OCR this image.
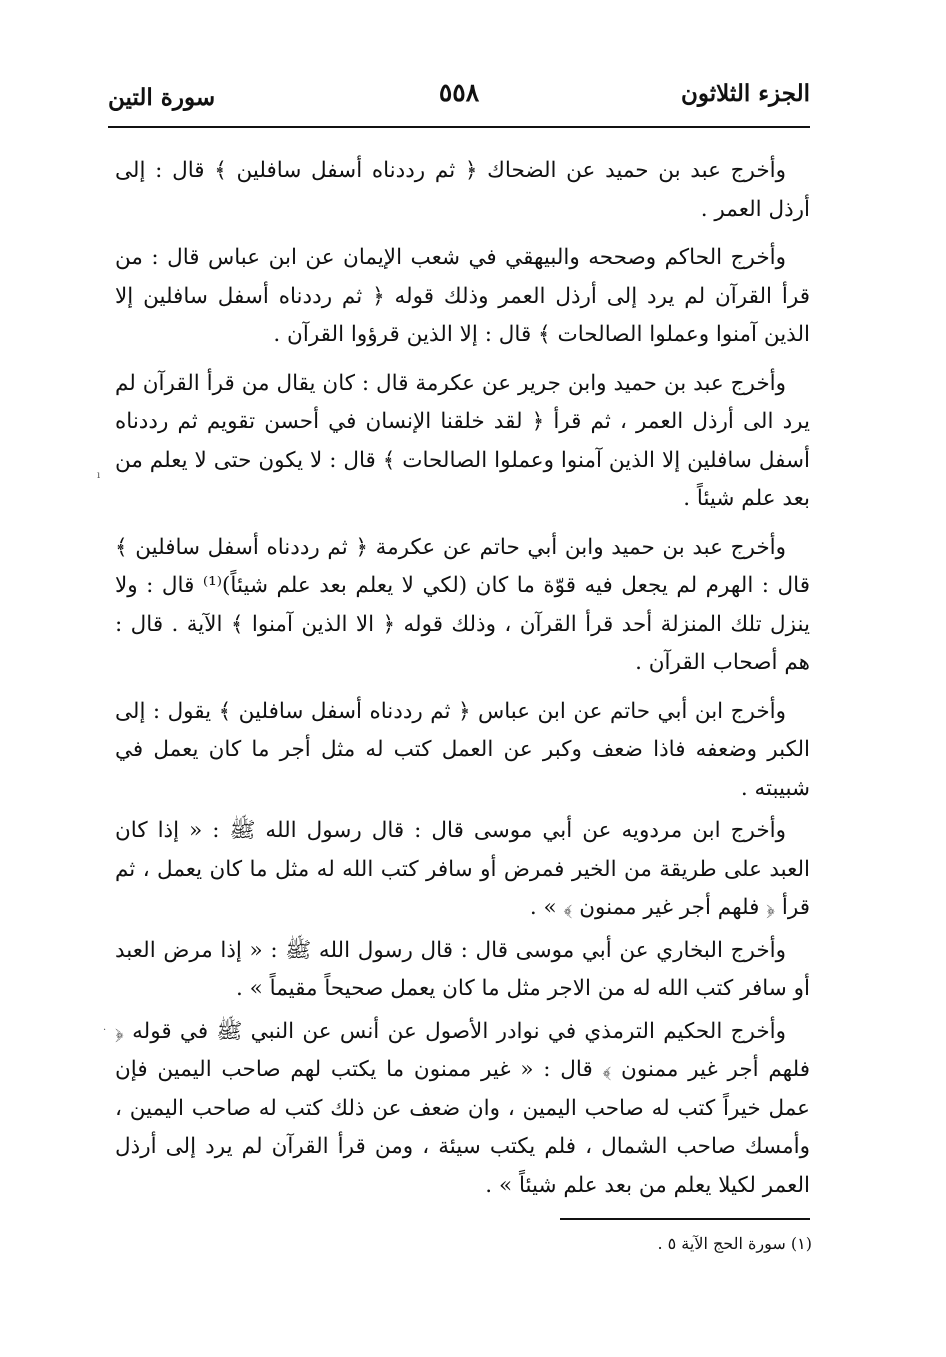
الجزء الثلاثون
٥٥٨
سورة التين

وأخرج عبد بن حميد عن الضحاك ﴿ ثم رددناه أسفل سافلين ﴾ قال : إلى أرذل العمر .

وأخرج الحاكم وصححه والبيهقي في شعب الإيمان عن ابن عباس قال : من قرأ القرآن لم يرد إلى أرذل العمر وذلك قوله ﴿ ثم رددناه أسفل سافلين إلا الذين آمنوا وعملوا الصالحات ﴾ قال : إلا الذين قرؤوا القرآن .

وأخرج عبد بن حميد وابن جرير عن عكرمة قال : كان يقال من قرأ القرآن لم يرد الى أرذل العمر ، ثم قرأ ﴿ لقد خلقنا الإنسان في أحسن تقويم ثم رددناه أسفل سافلين إلا الذين آمنوا وعملوا الصالحات ﴾ قال : لا يكون حتى لا يعلم من بعد علم شيئاً .

وأخرج عبد بن حميد وابن أبي حاتم عن عكرمة ﴿ ثم رددناه أسفل سافلين ﴾ قال : الهرم لم يجعل فيه قوّة ما كان (لكي لا يعلم بعد علم شيئاً)⁽¹⁾ قال : ولا ينزل تلك المنزلة أحد قرأ القرآن ، وذلك قوله ﴿ الا الذين آمنوا ﴾ الآية . قال : هم أصحاب القرآن .

وأخرج ابن أبي حاتم عن ابن عباس ﴿ ثم رددناه أسفل سافلين ﴾ يقول : إلى الكبر وضعفه فاذا ضعف وكبر عن العمل كتب له مثل أجر ما كان يعمل في شبيبته .

وأخرج ابن مردويه عن أبي موسى قال : قال رسول الله ﷺ : « إذا كان العبد على طريقة من الخير فمرض أو سافر كتب الله له مثل ما كان يعمل ، ثم قرأ ﴿ فلهم أجر غير ممنون ﴾ » .

وأخرج البخاري عن أبي موسى قال : قال رسول الله ﷺ : « إذا مرض العبد أو سافر كتب الله له من الاجر مثل ما كان يعمل صحيحاً مقيماً » .

وأخرج الحكيم الترمذي في نوادر الأصول عن أنس عن النبي ﷺ في قوله ﴿ فلهم أجر غير ممنون ﴾ قال : « غير ممنون ما يكتب لهم صاحب اليمين فإن عمل خيراً كتب له صاحب اليمين ، وان ضعف عن ذلك كتب له صاحب اليمين ، وأمسك صاحب الشمال ، فلم يكتب سيئة ، ومن قرأ القرآن لم يرد إلى أرذل العمر لكيلا يعلم من بعد علم شيئاً » .

(١) سورة الحج الآية ٥ .
ı
·
